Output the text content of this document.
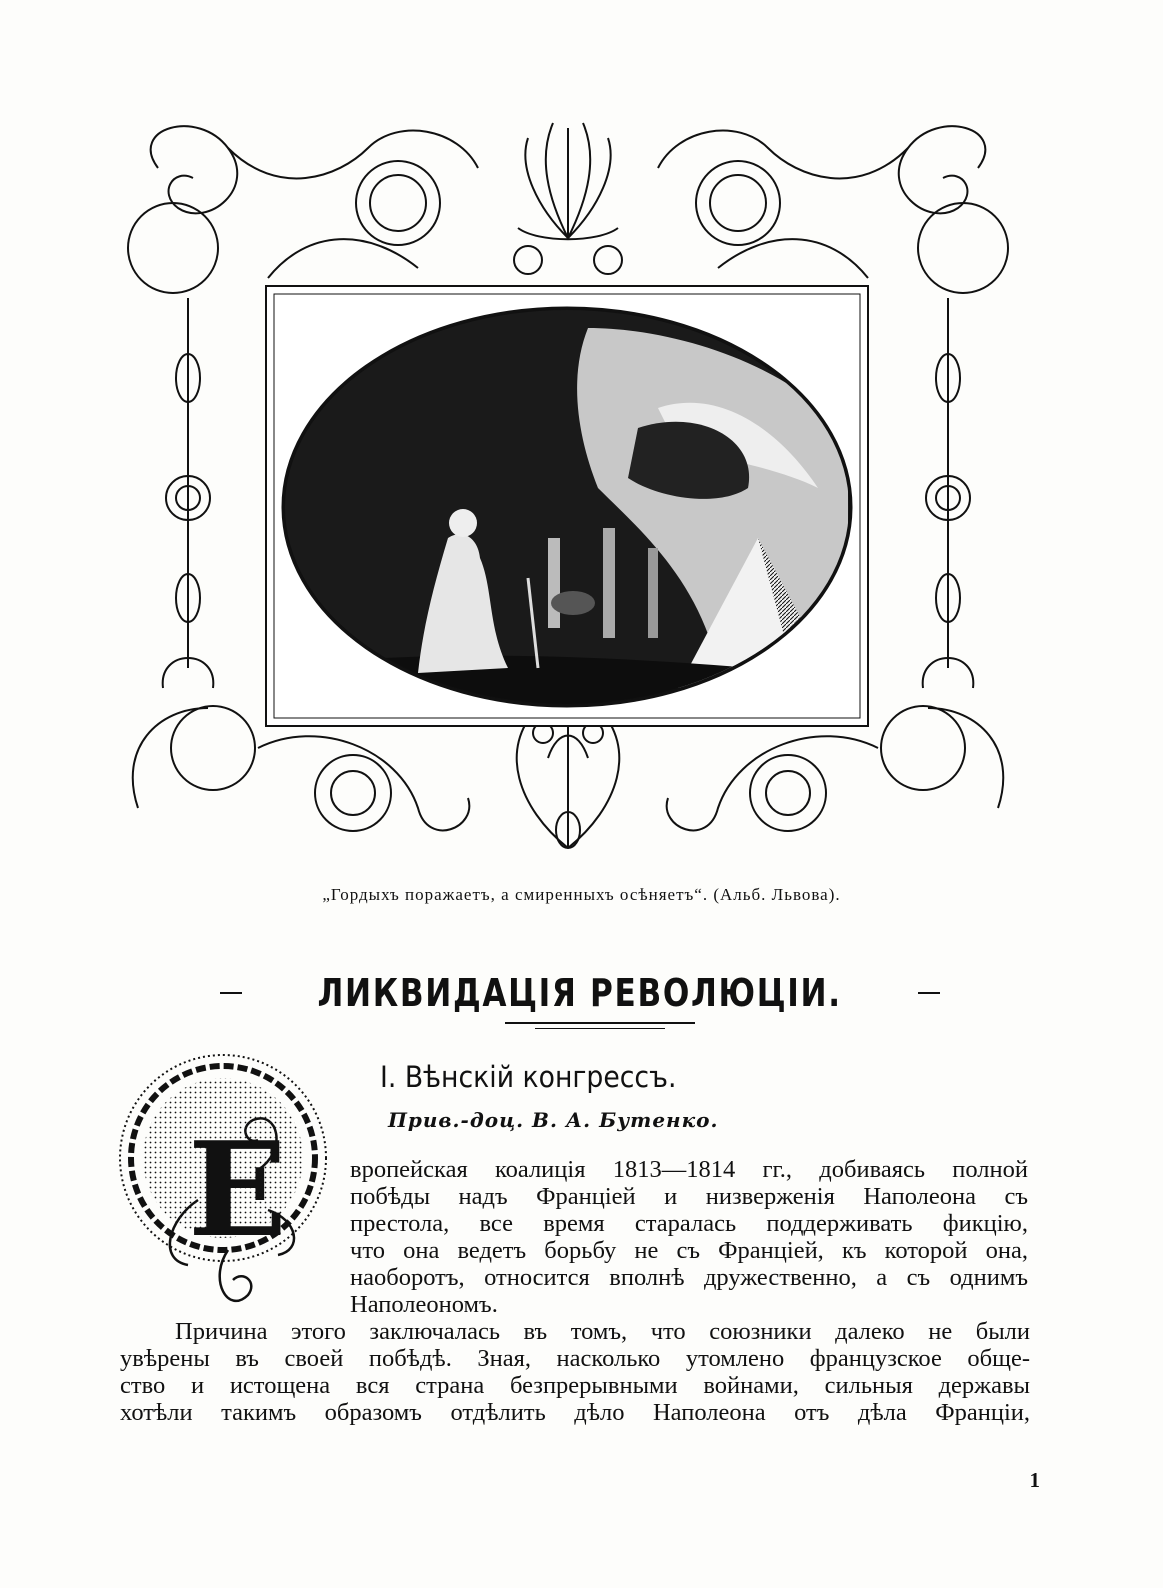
„Гордыхъ поражаетъ, а смиренныхъ осѣняетъ“. (Альб. Львова).
ЛИКВИДАЦІЯ РЕВОЛЮЦІИ.
I. Вѣнскій конгрессъ.
Прив.-доц. В. А. Бутенко.
Е	вропейская коалиція 1813—1814 гг., добиваясь полной
побѣды надъ Франціей и низверженія Наполеона съ
престола, все время старалась поддерживать фикцію,
что она ведетъ борьбу не съ Франціей, къ которой она,
наоборотъ, относится вполнѣ дружественно, а съ однимъ
Наполеономъ.
Причина этого заключалась въ томъ, что союзники далеко не были
увѣрены въ своей побѣдѣ. Зная, насколько утомлено французское обще-
ство и истощена вся страна безпрерывными войнами, сильныя державы
хотѣли такимъ образомъ отдѣлить дѣло Наполеона отъ дѣла Франціи,
1
